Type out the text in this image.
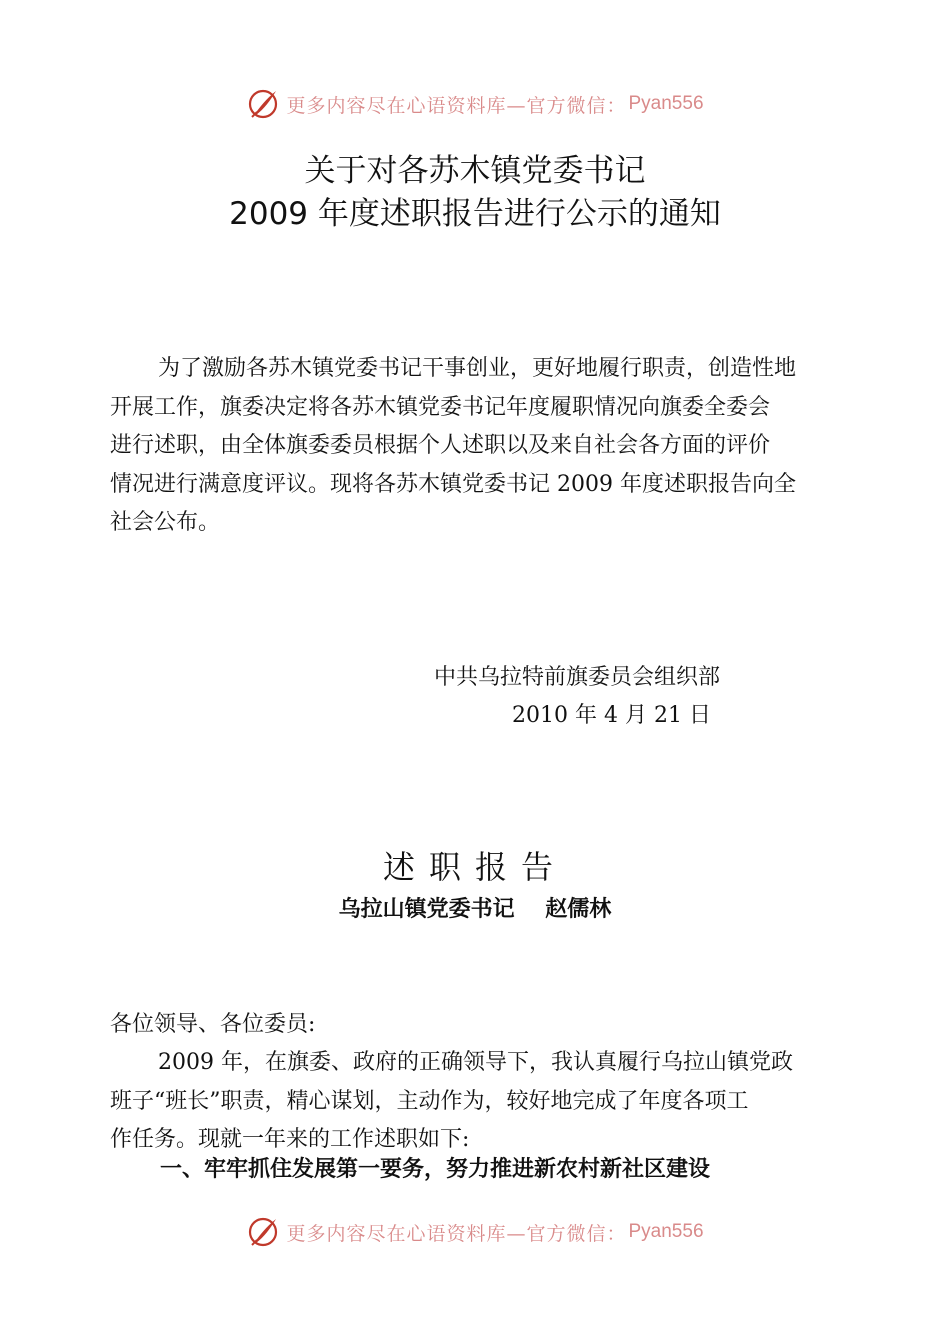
更多内容尽在心语资料库—官方微信： Pyan556
关于对各苏木镇党委书记
2009 年度述职报告进行公示的通知
为了激励各苏木镇党委书记干事创业，更好地履行职责，创造性地
开展工作，旗委决定将各苏木镇党委书记年度履职情况向旗委全委会
进行述职，由全体旗委委员根据个人述职以及来自社会各方面的评价
情况进行满意度评议。现将各苏木镇党委书记 2009 年度述职报告向全
社会公布。
中共乌拉特前旗委员会组织部
2010 年 4 月 21 日
述职报告
乌拉山镇党委书记    赵儒林
各位领导、各位委员:
2009 年，在旗委、政府的正确领导下，我认真履行乌拉山镇党政
班子“班长”职责，精心谋划，主动作为，较好地完成了年度各项工
作任务。现就一年来的工作述职如下:
一、牢牢抓住发展第一要务，努力推进新农村新社区建设
更多内容尽在心语资料库—官方微信： Pyan556
